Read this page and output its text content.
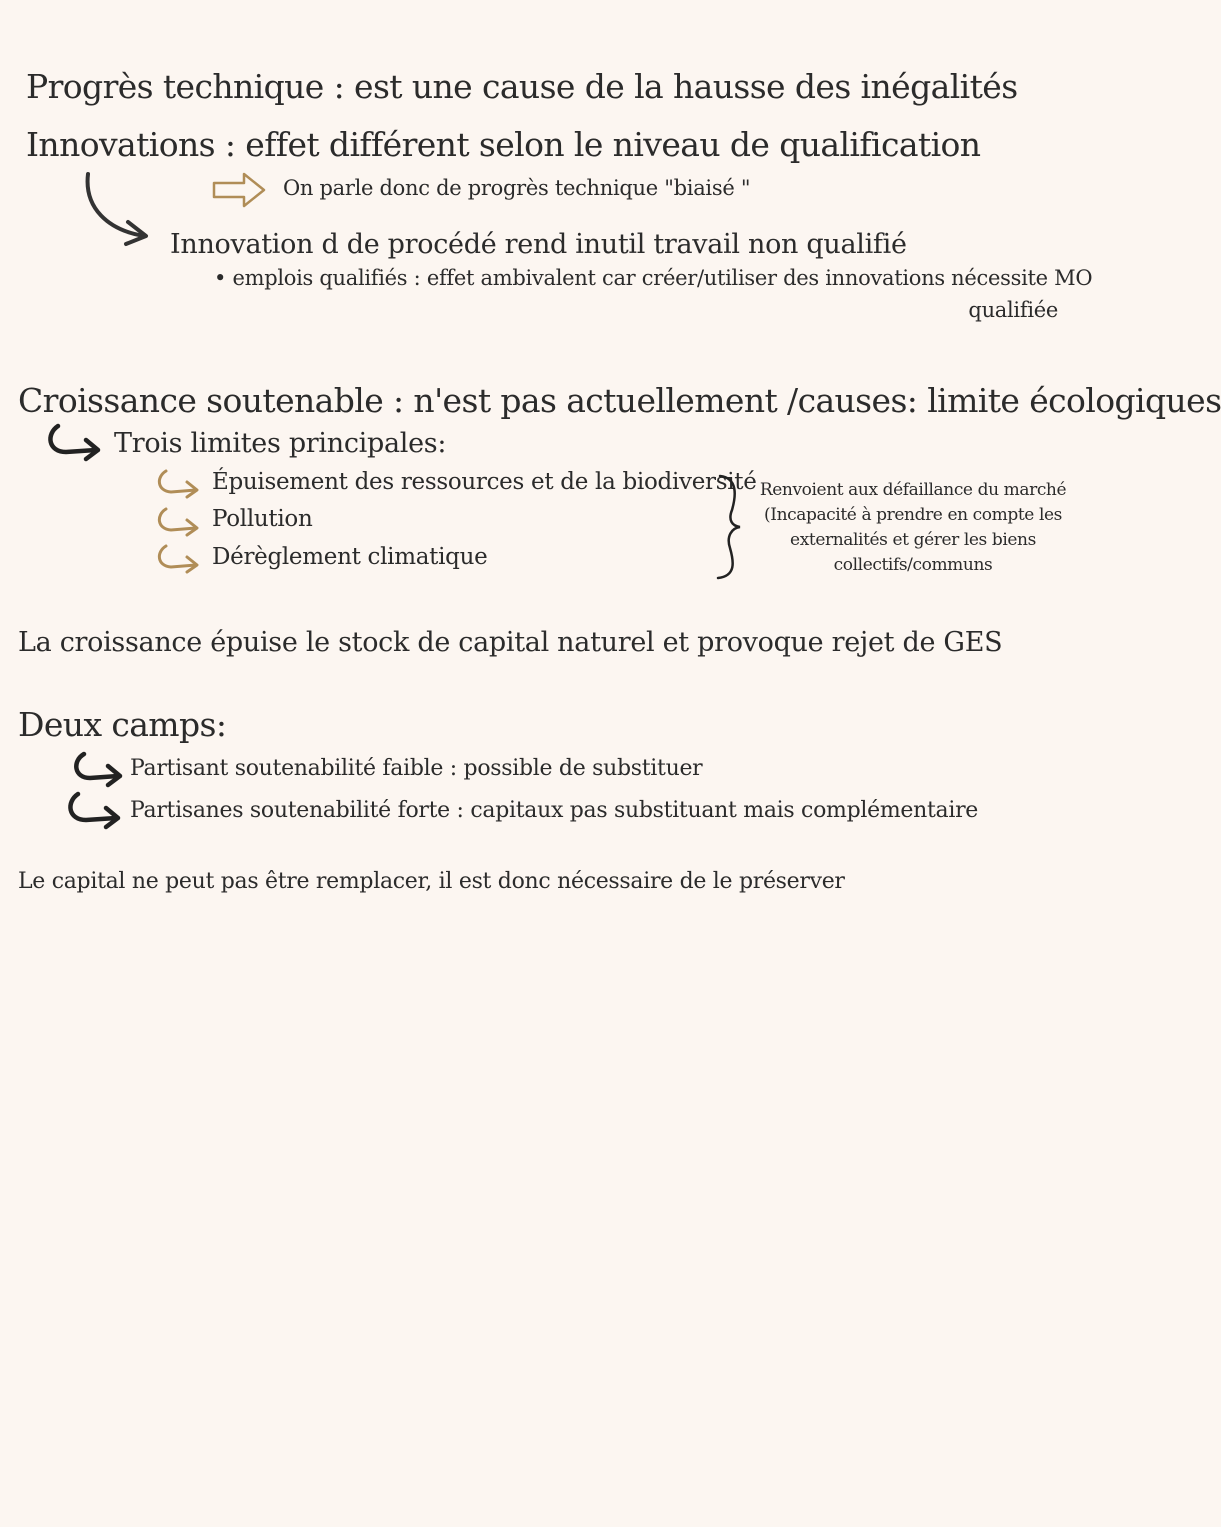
Progrès technique : est une cause de la hausse des inégalités
Innovations : effet différent selon le niveau de qualification

On parle donc de progrès technique "biaisé "

Innovation d de procédé rend inutil travail non qualifié

• emplois qualifiés : effet ambivalent car créer/utiliser des innovations nécessite MO

qualifiée

Croissance soutenable : n'est pas actuellement /causes: limite écologiques

Trois limites principales:

Épuisement des ressources et de la biodiversité

Pollution

Dérèglement climatique

Renvoient aux défaillance du marché
(Incapacité à prendre en compte les
externalités et gérer les biens
collectifs/communs

La croissance épuise le stock de capital naturel et provoque rejet de GES

Deux camps:

Partisant soutenabilité faible : possible de substituer

Partisanes soutenabilité forte : capitaux pas substituant mais complémentaire

Le capital ne peut pas être remplacer, il est donc nécessaire de le préserver
